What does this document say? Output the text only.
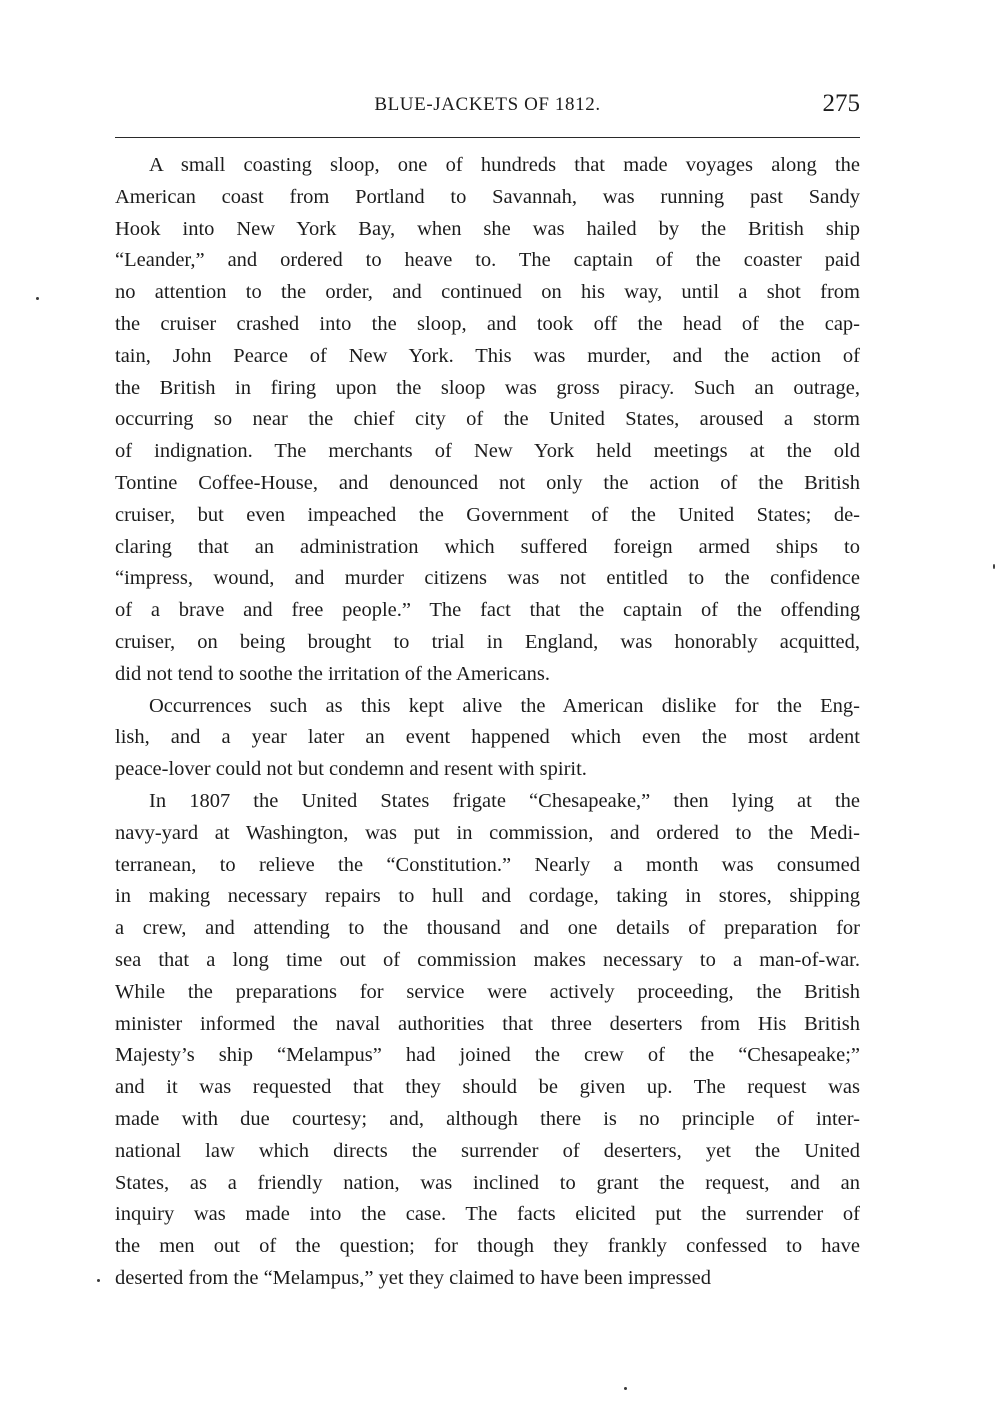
BLUE-JACKETS OF 1812.	275
A small coasting sloop, one of hundreds that made voyages along the
American coast from Portland to Savannah, was running past Sandy
Hook into New York Bay, when she was hailed by the British ship
“Leander,” and ordered to heave to. The captain of the coaster paid
no attention to the order, and continued on his way, until a shot from
the cruiser crashed into the sloop, and took off the head of the cap-
tain, John Pearce of New York. This was murder, and the action of
the British in firing upon the sloop was gross piracy. Such an outrage,
occurring so near the chief city of the United States, aroused a storm
of indignation. The merchants of New York held meetings at the old
Tontine Coffee-House, and denounced not only the action of the British
cruiser, but even impeached the Government of the United States; de-
claring that an administration which suffered foreign armed ships to
“impress, wound, and murder citizens was not entitled to the confidence
of a brave and free people.” The fact that the captain of the offending
cruiser, on being brought to trial in England, was honorably acquitted,
did not tend to soothe the irritation of the Americans.
Occurrences such as this kept alive the American dislike for the Eng-
lish, and a year later an event happened which even the most ardent
peace-lover could not but condemn and resent with spirit.
In 1807 the United States frigate “Chesapeake,” then lying at the
navy-yard at Washington, was put in commission, and ordered to the Medi-
terranean, to relieve the “Constitution.” Nearly a month was consumed
in making necessary repairs to hull and cordage, taking in stores, shipping
a crew, and attending to the thousand and one details of preparation for
sea that a long time out of commission makes necessary to a man-of-war.
While the preparations for service were actively proceeding, the British
minister informed the naval authorities that three deserters from His British
Majesty’s ship “Melampus” had joined the crew of the “Chesapeake;”
and it was requested that they should be given up. The request was
made with due courtesy; and, although there is no principle of inter-
national law which directs the surrender of deserters, yet the United
States, as a friendly nation, was inclined to grant the request, and an
inquiry was made into the case. The facts elicited put the surrender of
the men out of the question; for though they frankly confessed to have
deserted from the “Melampus,” yet they claimed to have been impressed
